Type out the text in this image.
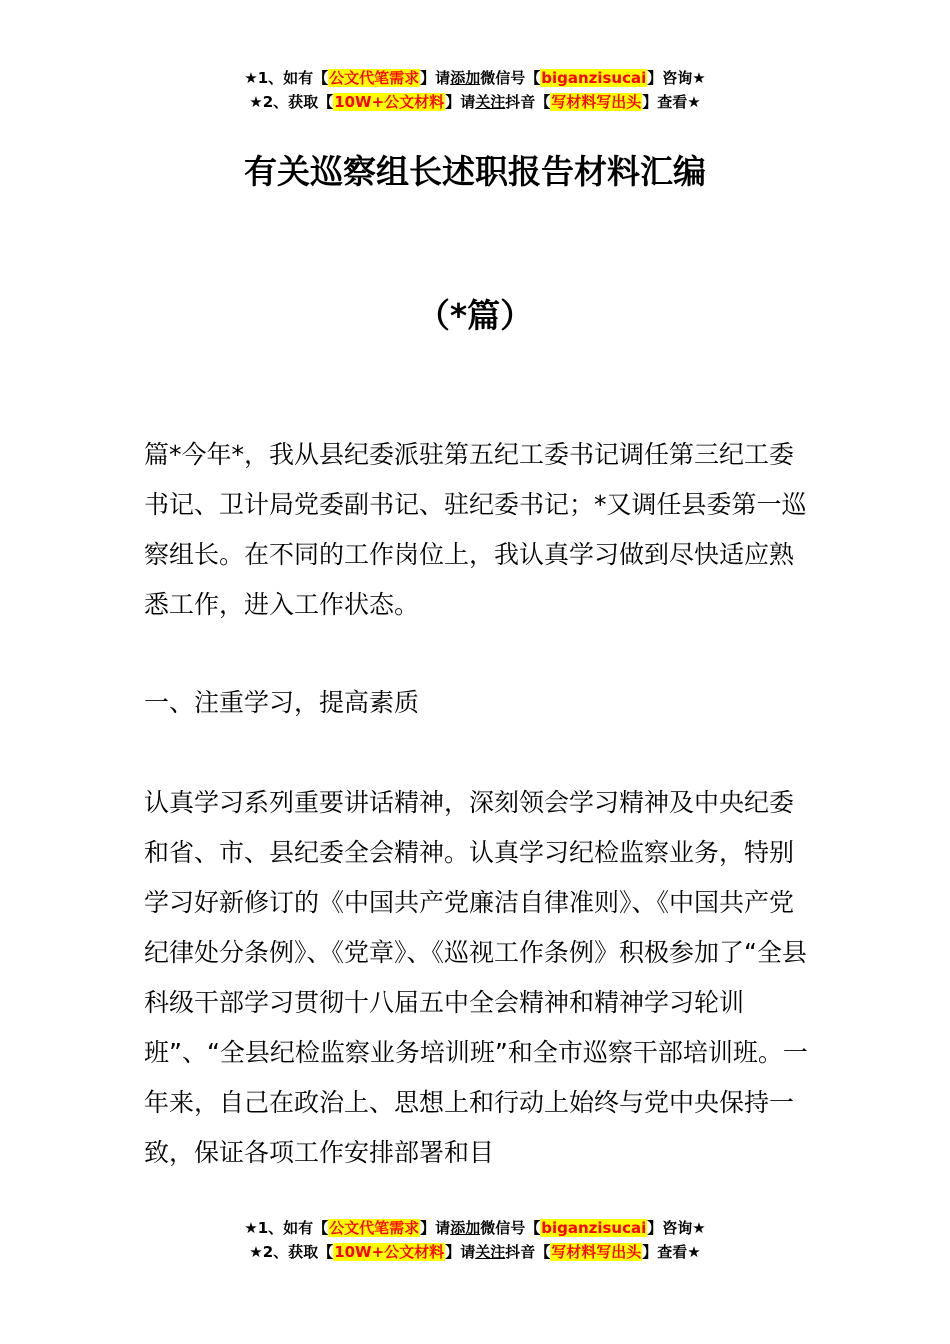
★1、如有【公文代笔需求】请添加微信号【biganzisucai】咨询★
★2、获取【10W+公文材料】请关注抖音【写材料写出头】查看★
有关巡察组长述职报告材料汇编
（*篇）

篇*今年*，我从县纪委派驻第五纪工委书记调任第三纪工委书记、卫计局党委副书记、驻纪委书记；*又调任县委第一巡察组长。在不同的工作岗位上，我认真学习做到尽快适应熟悉工作，进入工作状态。

一、注重学习，提高素质

认真学习系列重要讲话精神，深刻领会学习精神及中央纪委和省、市、县纪委全会精神。认真学习纪检监察业务，特别学习好新修订的《中国共产党廉洁自律准则》、《中国共产党纪律处分条例》、《党章》、《巡视工作条例》积极参加了“全县科级干部学习贯彻十八届五中全会精神和精神学习轮训班”、“全县纪检监察业务培训班”和全市巡察干部培训班。一年来，自己在政治上、思想上和行动上始终与党中央保持一致，保证各项工作安排部署和目

★1、如有【公文代笔需求】请添加微信号【biganzisucai】咨询★
★2、获取【10W+公文材料】请关注抖音【写材料写出头】查看★
